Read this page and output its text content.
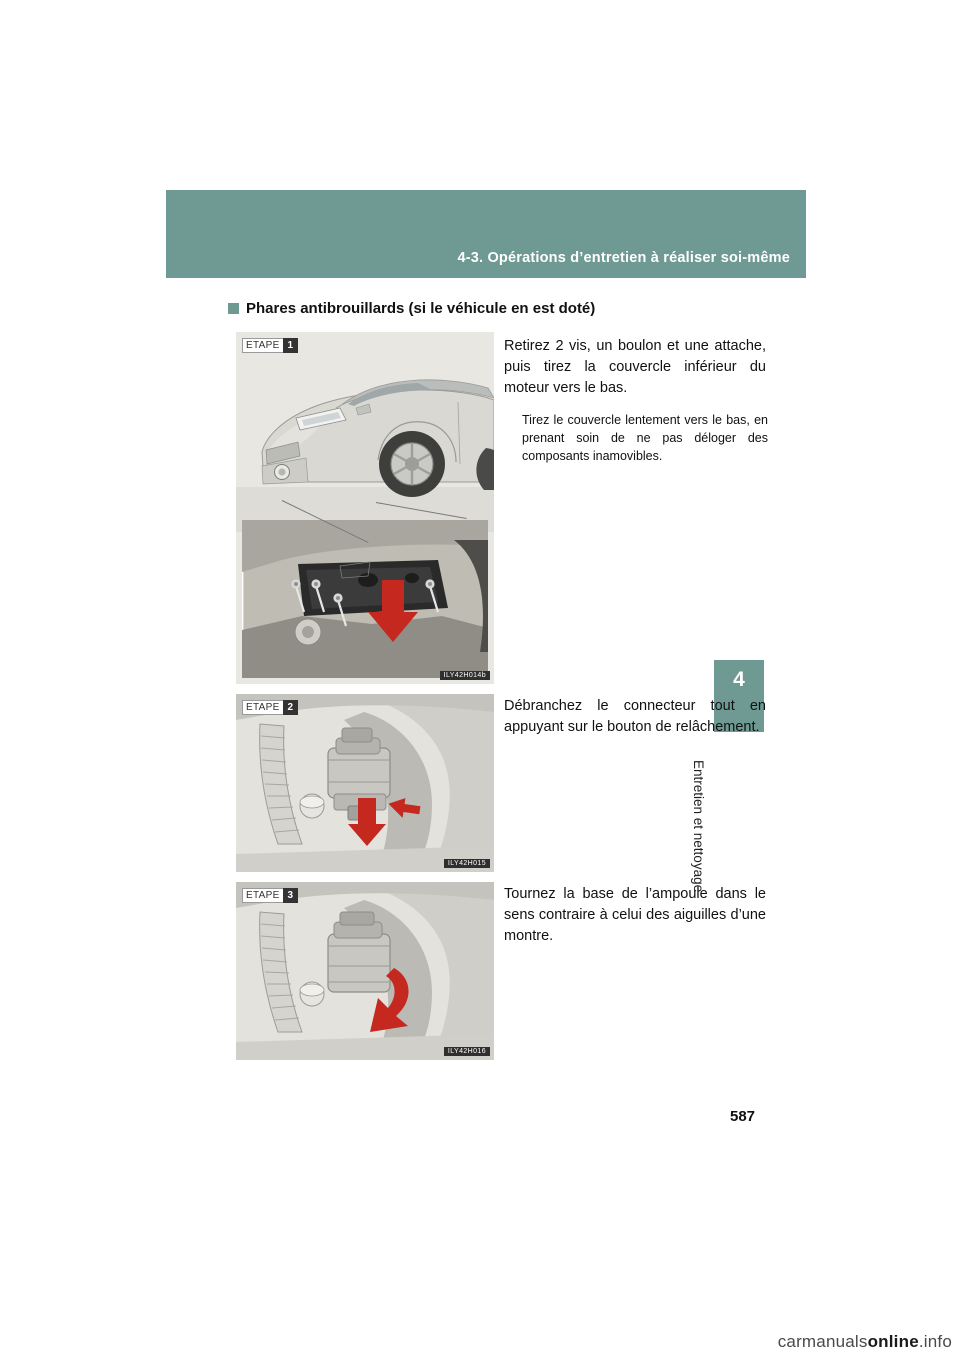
4-3. Opérations d’entretien à réaliser soi-même
4
Entretien et nettoyage
Phares antibrouillards (si le véhicule en est doté)
ETAPE 1
ILY42H014b
ETAPE 2
ILY42H015
ETAPE 3
ILY42H016
Retirez 2 vis, un boulon et une attache, puis tirez la couvercle inférieur du moteur vers le bas.
Tirez le couvercle lentement vers le bas, en prenant soin de ne pas déloger des composants inamovibles.
Débranchez le connecteur tout en appuyant sur le bouton de relâchement.
Tournez la base de l’ampoule dans le sens contraire à celui des aiguilles d’une montre.
587
carmanualsonline.info
